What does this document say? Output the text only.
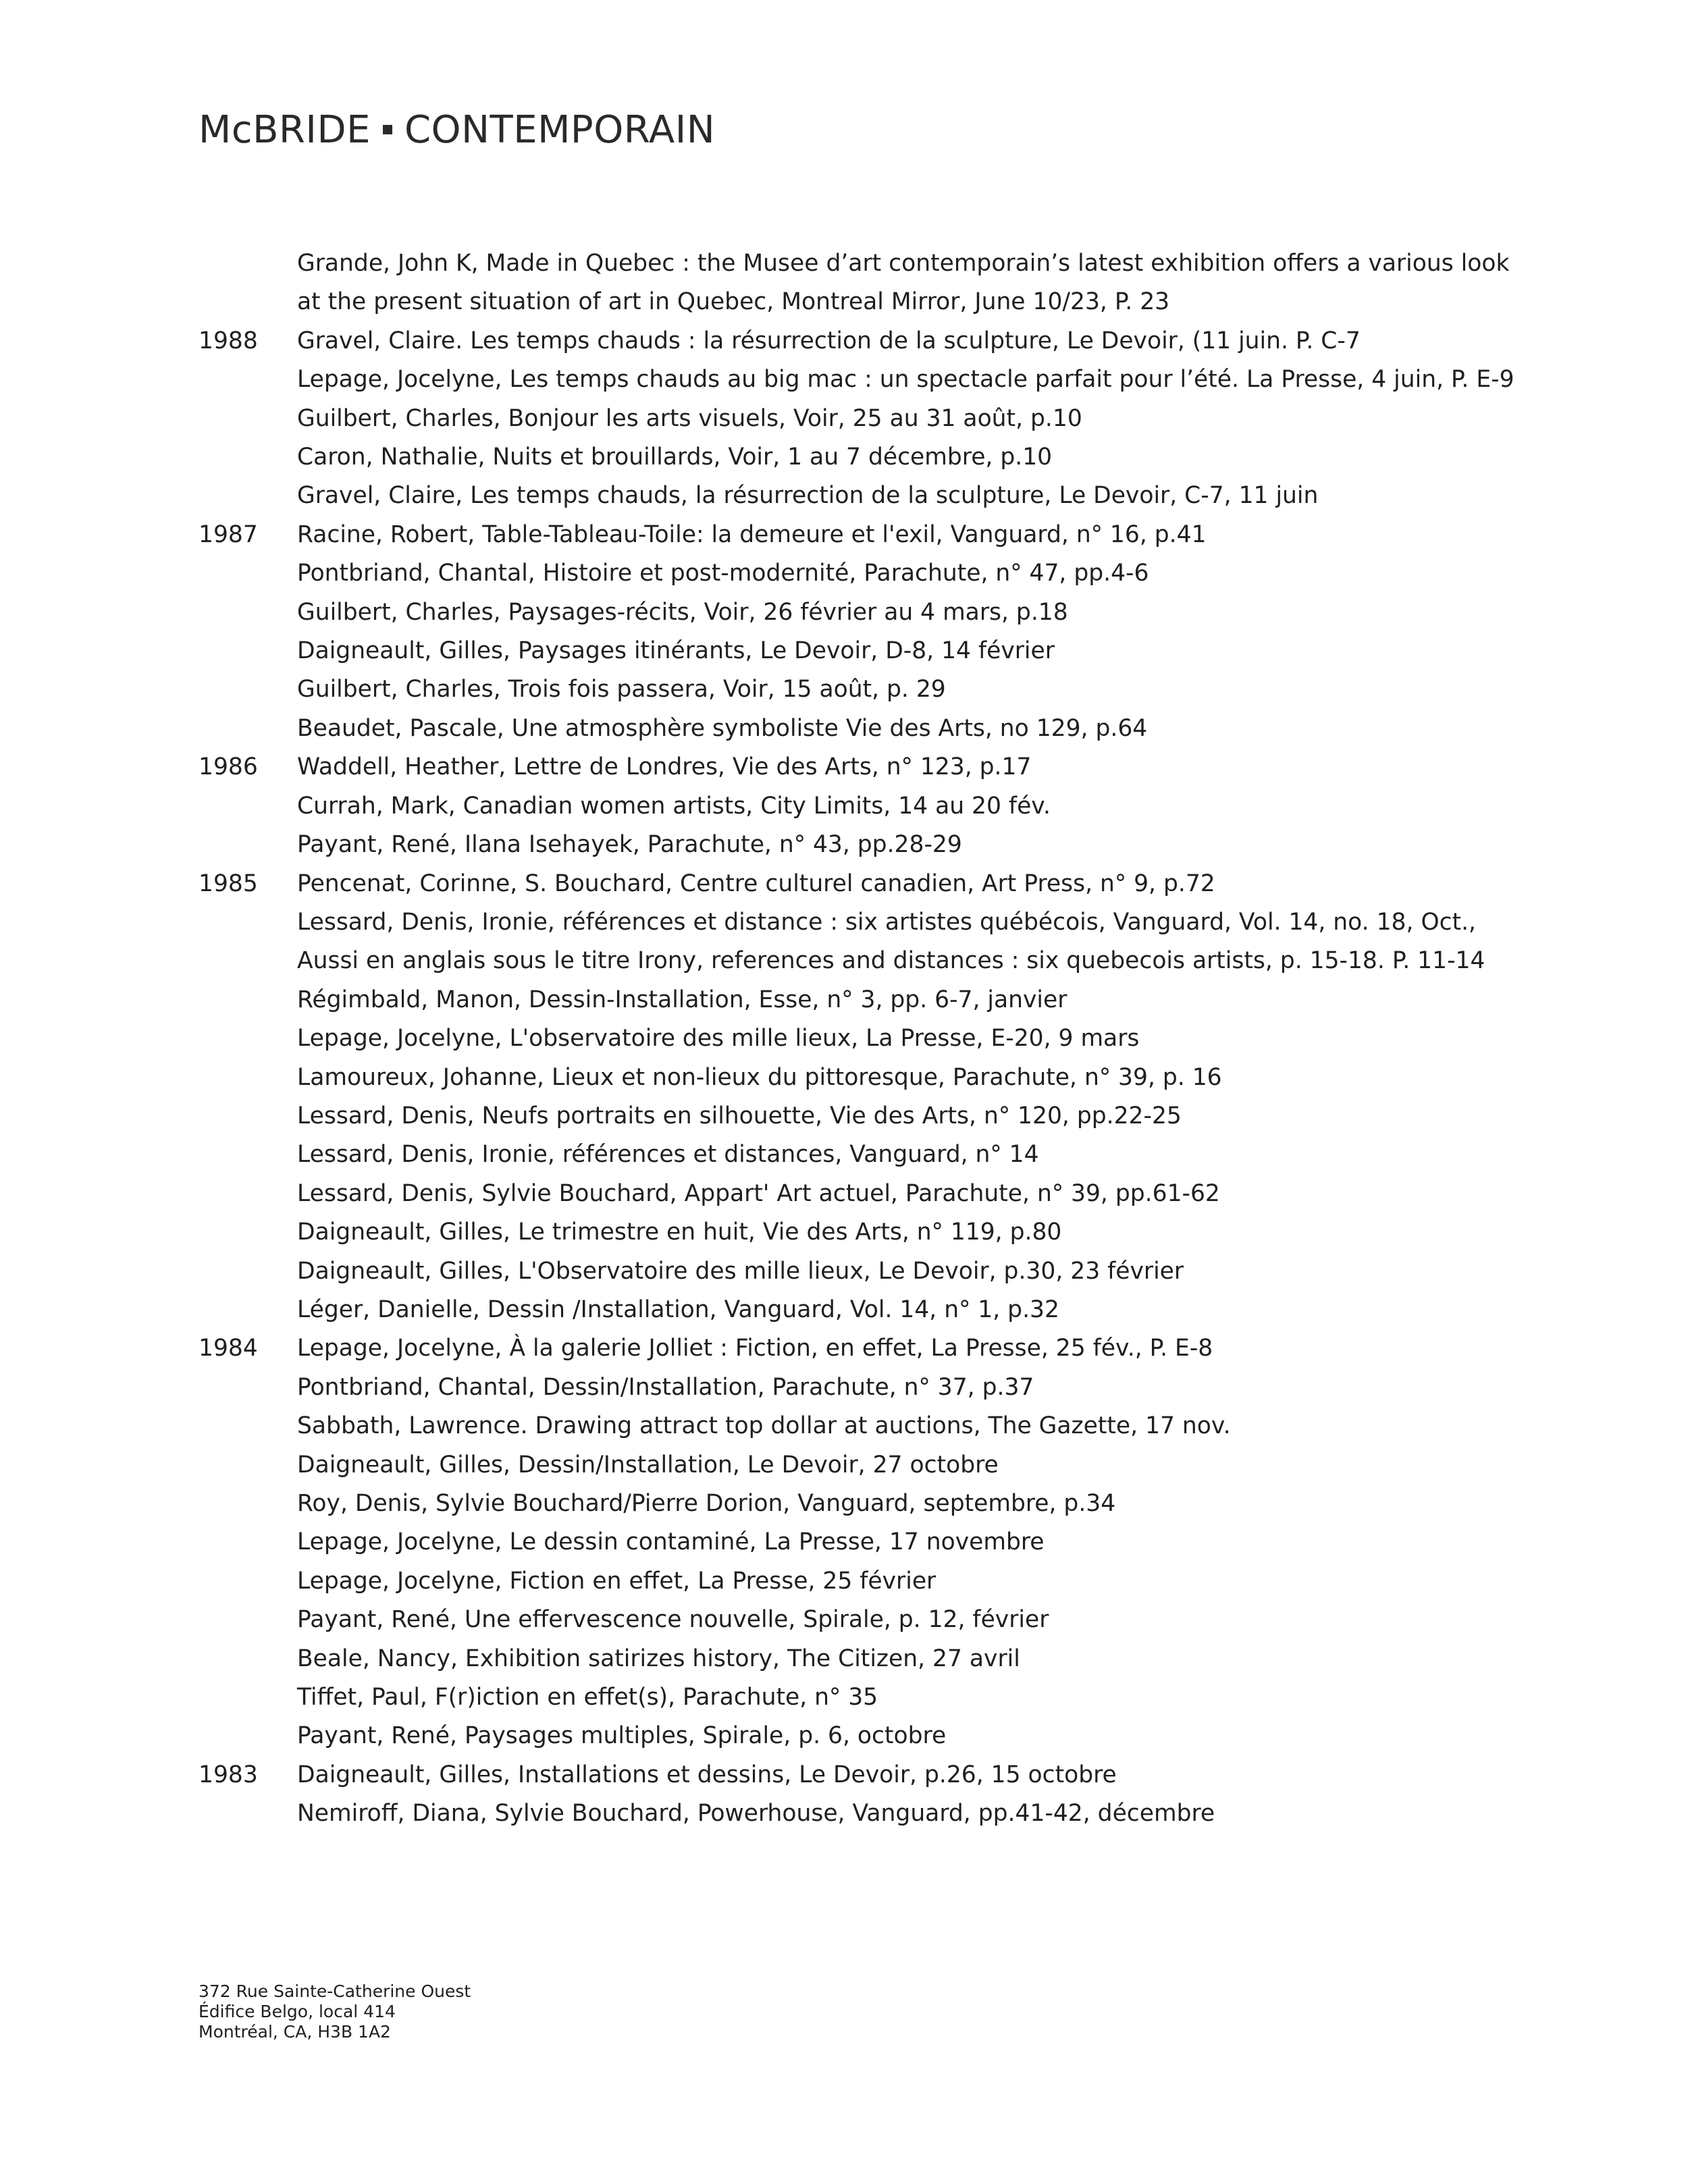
McBRIDE CONTEMPORAIN
Grande, John K, Made in Quebec : the Musee d’art contemporain’s latest exhibition offers a various look at the present situation of art in Quebec, Montreal Mirror, June 10/23, P. 23
1988	Gravel, Claire. Les temps chauds : la résurrection de la sculpture, Le Devoir, (11 juin. P. C-7
Lepage, Jocelyne, Les temps chauds au big mac : un spectacle parfait pour l’été. La Presse, 4 juin, P. E-9
Guilbert, Charles, Bonjour les arts visuels, Voir, 25 au 31 août, p.10
Caron, Nathalie, Nuits et brouillards, Voir, 1 au 7 décembre, p.10
Gravel, Claire, Les temps chauds, la résurrection de la sculpture, Le Devoir, C-7, 11 juin
1987	Racine, Robert, Table-Tableau-Toile: la demeure et l'exil, Vanguard, n° 16, p.41
Pontbriand, Chantal, Histoire et post-modernité, Parachute, n° 47, pp.4-6
Guilbert, Charles, Paysages-récits, Voir, 26 février au 4 mars, p.18
Daigneault, Gilles, Paysages itinérants, Le Devoir, D-8, 14 février
Guilbert, Charles, Trois fois passera, Voir, 15 août, p. 29
Beaudet, Pascale, Une atmosphère symboliste Vie des Arts, no 129, p.64
1986	Waddell, Heather, Lettre de Londres, Vie des Arts, n° 123, p.17
Currah, Mark, Canadian women artists, City Limits, 14 au 20 fév.
Payant, René, Ilana Isehayek, Parachute, n° 43, pp.28-29
1985	Pencenat, Corinne, S. Bouchard, Centre culturel canadien, Art Press, n° 9, p.72
Lessard, Denis, Ironie, références et distance : six artistes québécois, Vanguard, Vol. 14, no. 18, Oct., Aussi en anglais sous le titre Irony, references and distances : six quebecois artists, p. 15-18. P. 11-14
Régimbald, Manon, Dessin-Installation, Esse, n° 3, pp. 6-7, janvier
Lepage, Jocelyne, L'observatoire des mille lieux, La Presse, E-20, 9 mars
Lamoureux, Johanne, Lieux et non-lieux du pittoresque, Parachute, n° 39, p. 16
Lessard, Denis, Neufs portraits en silhouette, Vie des Arts, n° 120, pp.22-25
Lessard, Denis, Ironie, références et distances, Vanguard, n° 14
Lessard, Denis, Sylvie Bouchard, Appart' Art actuel, Parachute, n° 39, pp.61-62
Daigneault, Gilles, Le trimestre en huit, Vie des Arts, n° 119, p.80
Daigneault, Gilles, L'Observatoire des mille lieux, Le Devoir, p.30, 23 février
Léger, Danielle, Dessin /Installation, Vanguard, Vol. 14, n° 1, p.32
1984	Lepage, Jocelyne, À la galerie Jolliet : Fiction, en effet, La Presse, 25 fév., P. E-8
Pontbriand, Chantal, Dessin/Installation, Parachute, n° 37, p.37
Sabbath, Lawrence. Drawing attract top dollar at auctions, The Gazette, 17 nov.
Daigneault, Gilles, Dessin/Installation, Le Devoir, 27 octobre
Roy, Denis, Sylvie Bouchard/Pierre Dorion, Vanguard, septembre, p.34
Lepage, Jocelyne, Le dessin contaminé, La Presse, 17 novembre
Lepage, Jocelyne, Fiction en effet, La Presse, 25 février
Payant, René, Une effervescence nouvelle, Spirale, p. 12, février
Beale, Nancy, Exhibition satirizes history, The Citizen, 27 avril
Tiffet, Paul, F(r)iction en effet(s), Parachute, n° 35
Payant, René, Paysages multiples, Spirale, p. 6, octobre
1983	Daigneault, Gilles, Installations et dessins, Le Devoir, p.26, 15 octobre
Nemiroff, Diana, Sylvie Bouchard, Powerhouse, Vanguard, pp.41-42, décembre
372 Rue Sainte-Catherine Ouest
Édifice Belgo, local 414
Montréal, CA, H3B 1A2
